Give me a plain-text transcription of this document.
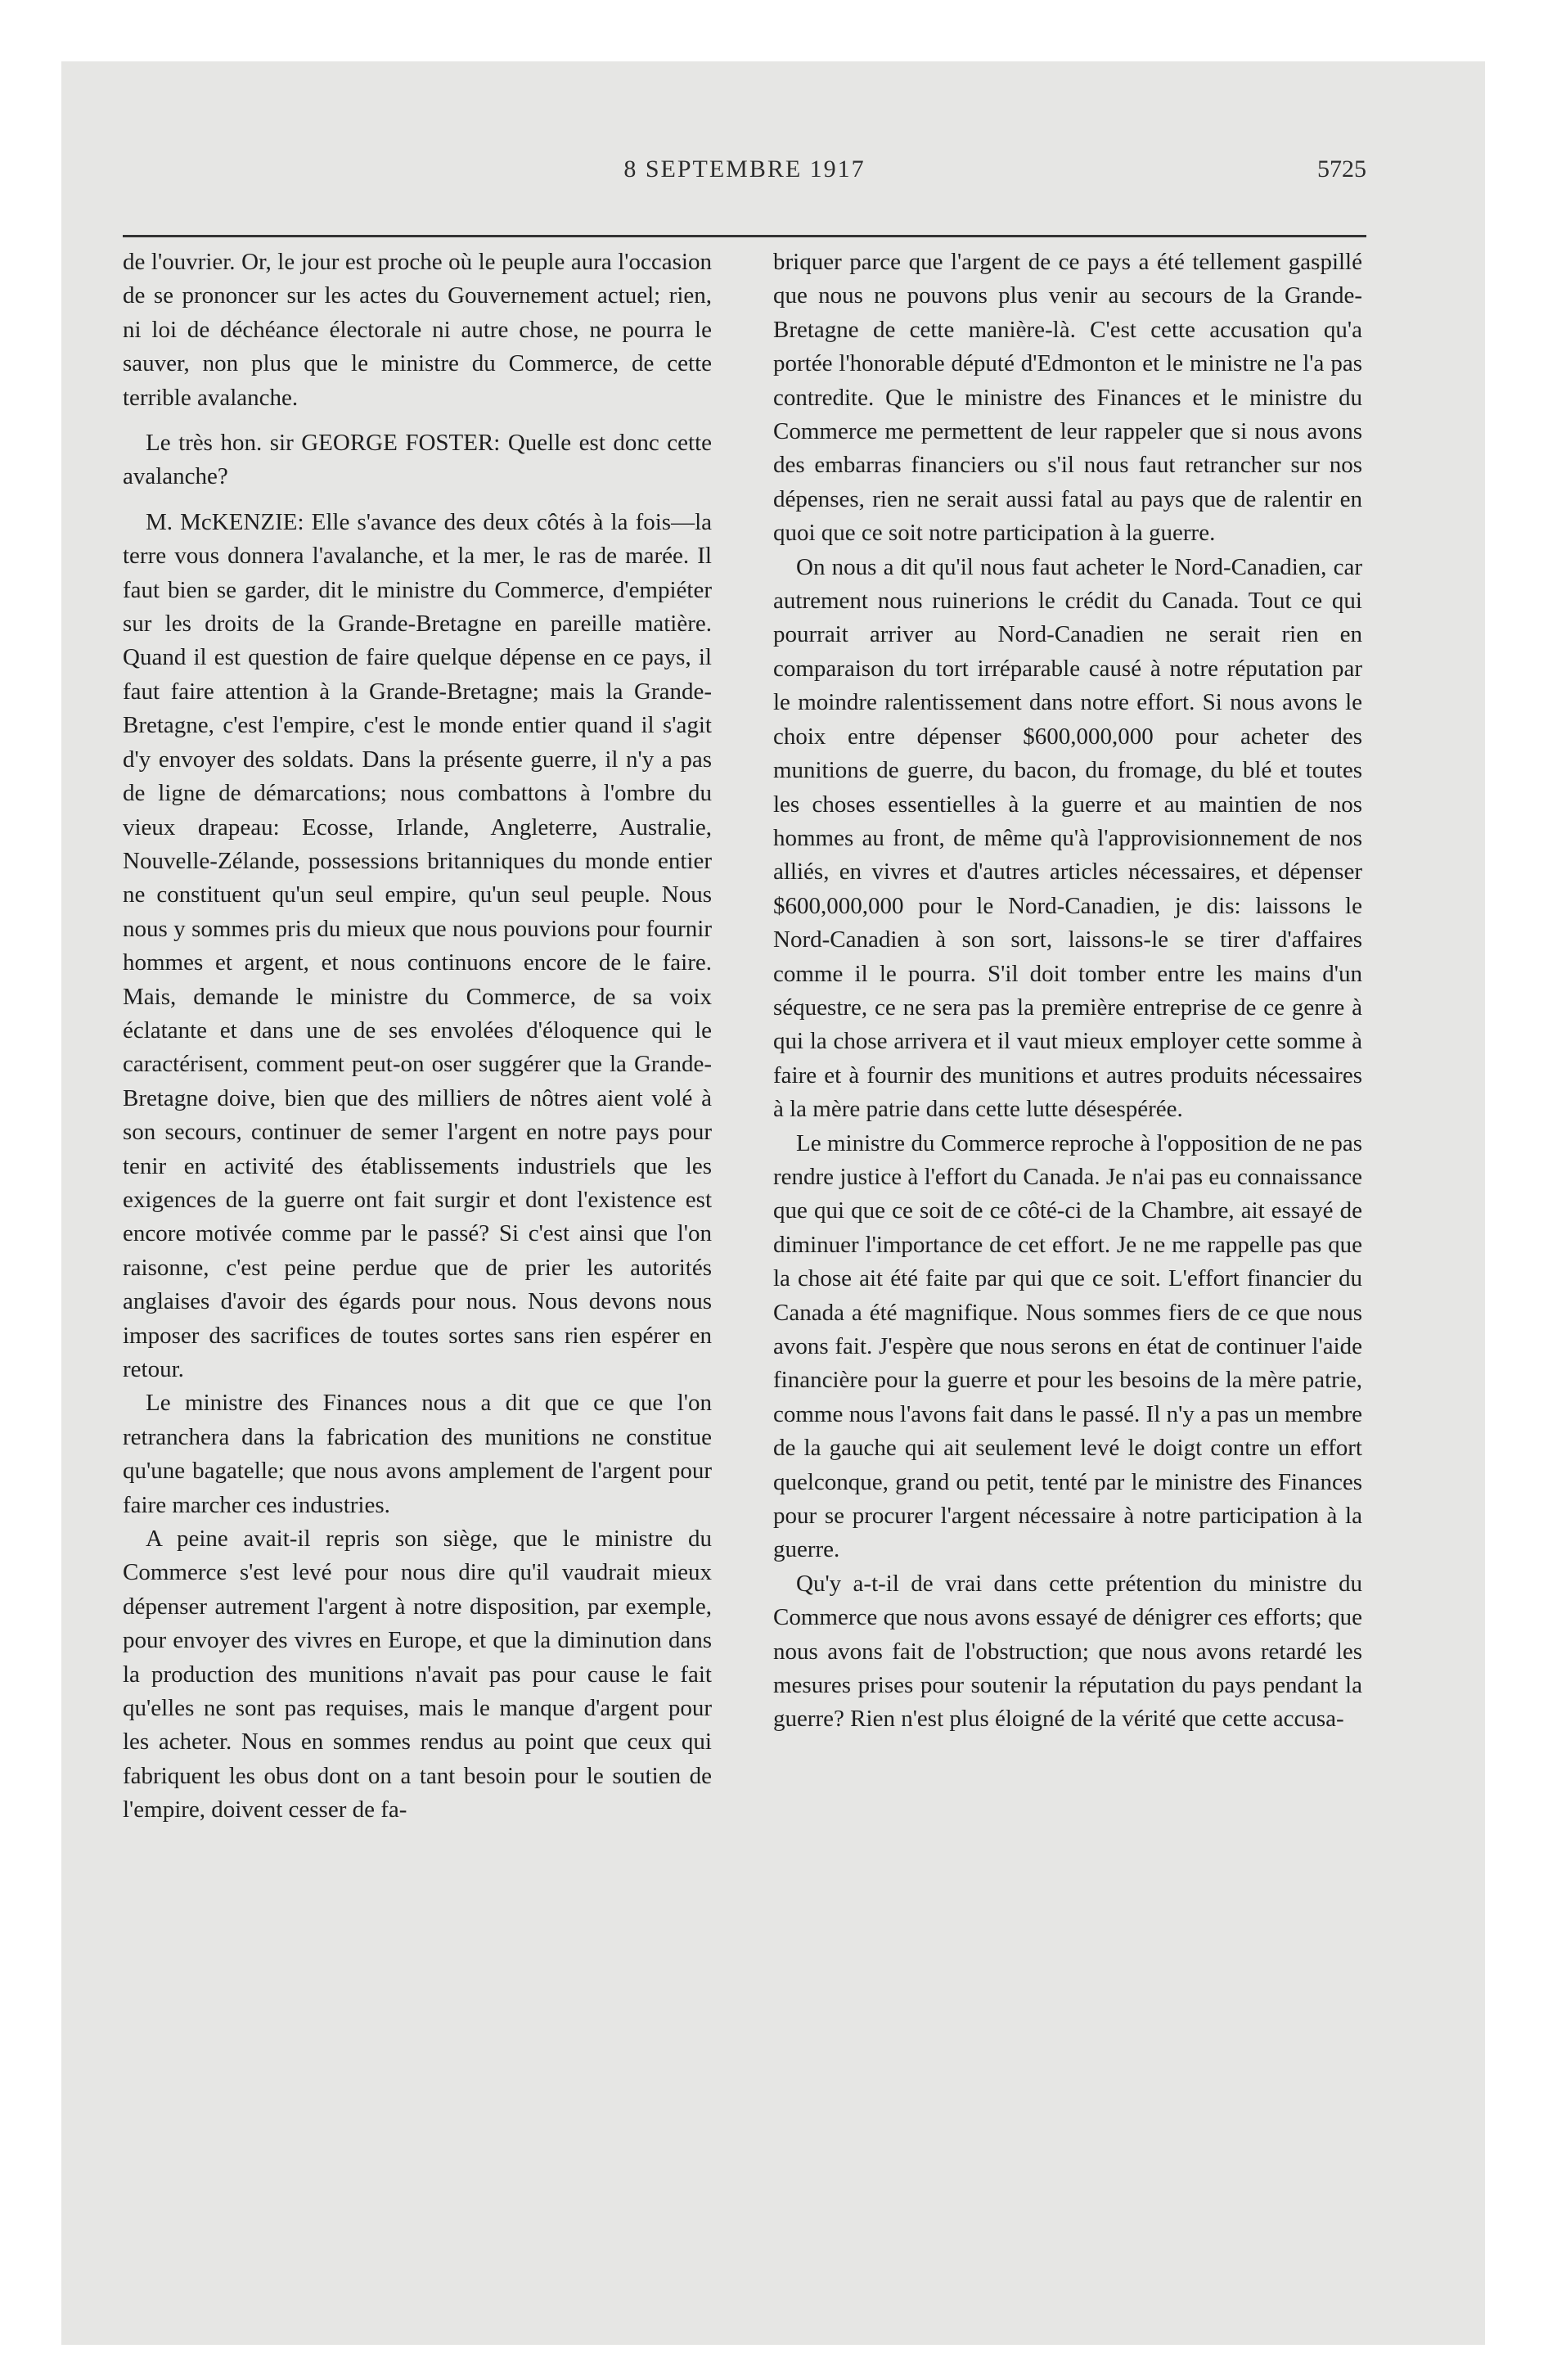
8 SEPTEMBRE 1917	5725

de l'ouvrier. Or, le jour est proche où le peuple aura l'occasion de se prononcer sur les actes du Gouvernement actuel; rien, ni loi de déchéance électorale ni autre chose, ne pourra le sauver, non plus que le ministre du Commerce, de cette terrible avalanche.

Le très hon. sir GEORGE FOSTER: Quelle est donc cette avalanche?

M. McKENZIE: Elle s'avance des deux côtés à la fois—la terre vous donnera l'avalanche, et la mer, le ras de marée. Il faut bien se garder, dit le ministre du Commerce, d'empiéter sur les droits de la Grande-Bretagne en pareille matière. Quand il est question de faire quelque dépense en ce pays, il faut faire attention à la Grande-Bretagne; mais la Grande-Bretagne, c'est l'empire, c'est le monde entier quand il s'agit d'y envoyer des soldats. Dans la présente guerre, il n'y a pas de ligne de démarcations; nous combattons à l'ombre du vieux drapeau: Ecosse, Irlande, Angleterre, Australie, Nouvelle-Zélande, possessions britanniques du monde entier ne constituent qu'un seul empire, qu'un seul peuple. Nous nous y sommes pris du mieux que nous pouvions pour fournir hommes et argent, et nous continuons encore de le faire. Mais, demande le ministre du Commerce, de sa voix éclatante et dans une de ses envolées d'éloquence qui le caractérisent, comment peut-on oser suggérer que la Grande-Bretagne doive, bien que des milliers de nôtres aient volé à son secours, continuer de semer l'argent en notre pays pour tenir en activité des établissements industriels que les exigences de la guerre ont fait surgir et dont l'existence est encore motivée comme par le passé? Si c'est ainsi que l'on raisonne, c'est peine perdue que de prier les autorités anglaises d'avoir des égards pour nous. Nous devons nous imposer des sacrifices de toutes sortes sans rien espérer en retour.

Le ministre des Finances nous a dit que ce que l'on retranchera dans la fabrication des munitions ne constitue qu'une bagatelle; que nous avons amplement de l'argent pour faire marcher ces industries.

A peine avait-il repris son siège, que le ministre du Commerce s'est levé pour nous dire qu'il vaudrait mieux dépenser autrement l'argent à notre disposition, par exemple, pour envoyer des vivres en Europe, et que la diminution dans la production des munitions n'avait pas pour cause le fait qu'elles ne sont pas requises, mais le manque d'argent pour les acheter. Nous en sommes rendus au point que ceux qui fabriquent les obus dont on a tant besoin pour le soutien de l'empire, doivent cesser de fa-

briquer parce que l'argent de ce pays a été tellement gaspillé que nous ne pouvons plus venir au secours de la Grande-Bretagne de cette manière-là. C'est cette accusation qu'a portée l'honorable député d'Edmonton et le ministre ne l'a pas contredite. Que le ministre des Finances et le ministre du Commerce me permettent de leur rappeler que si nous avons des embarras financiers ou s'il nous faut retrancher sur nos dépenses, rien ne serait aussi fatal au pays que de ralentir en quoi que ce soit notre participation à la guerre.

On nous a dit qu'il nous faut acheter le Nord-Canadien, car autrement nous ruinerions le crédit du Canada. Tout ce qui pourrait arriver au Nord-Canadien ne serait rien en comparaison du tort irréparable causé à notre réputation par le moindre ralentissement dans notre effort. Si nous avons le choix entre dépenser $600,000,000 pour acheter des munitions de guerre, du bacon, du fromage, du blé et toutes les choses essentielles à la guerre et au maintien de nos hommes au front, de même qu'à l'approvisionnement de nos alliés, en vivres et d'autres articles nécessaires, et dépenser $600,000,000 pour le Nord-Canadien, je dis: laissons le Nord-Canadien à son sort, laissons-le se tirer d'affaires comme il le pourra. S'il doit tomber entre les mains d'un séquestre, ce ne sera pas la première entreprise de ce genre à qui la chose arrivera et il vaut mieux employer cette somme à faire et à fournir des munitions et autres produits nécessaires à la mère patrie dans cette lutte désespérée.

Le ministre du Commerce reproche à l'opposition de ne pas rendre justice à l'effort du Canada. Je n'ai pas eu connaissance que qui que ce soit de ce côté-ci de la Chambre, ait essayé de diminuer l'importance de cet effort. Je ne me rappelle pas que la chose ait été faite par qui que ce soit. L'effort financier du Canada a été magnifique. Nous sommes fiers de ce que nous avons fait. J'espère que nous serons en état de continuer l'aide financière pour la guerre et pour les besoins de la mère patrie, comme nous l'avons fait dans le passé. Il n'y a pas un membre de la gauche qui ait seulement levé le doigt contre un effort quelconque, grand ou petit, tenté par le ministre des Finances pour se procurer l'argent nécessaire à notre participation à la guerre.

Qu'y a-t-il de vrai dans cette prétention du ministre du Commerce que nous avons essayé de dénigrer ces efforts; que nous avons fait de l'obstruction; que nous avons retardé les mesures prises pour soutenir la réputation du pays pendant la guerre? Rien n'est plus éloigné de la vérité que cette accusa-
